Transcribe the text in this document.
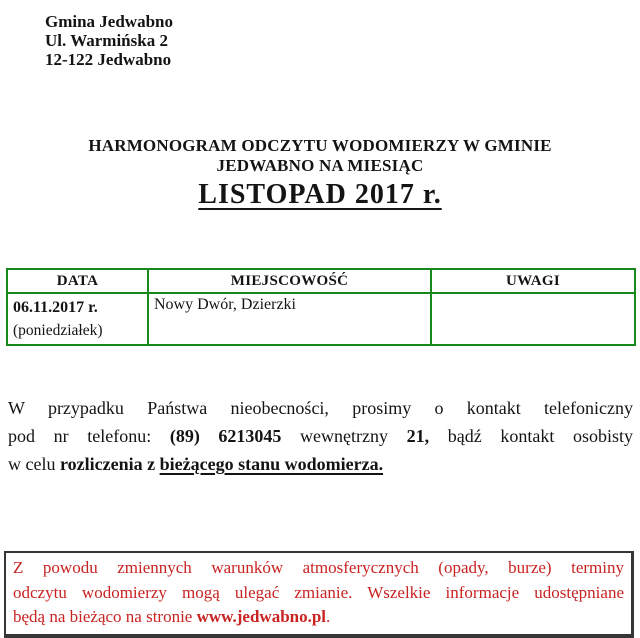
Gmina Jedwabno
Ul. Warmińska 2
12-122 Jedwabno
HARMONOGRAM ODCZYTU WODOMIERZY W GMINIE
JEDWABNO NA MIESIĄC
LISTOPAD 2017 r.
DATA	MIEJSCOWOŚĆ	UWAGI

06.11.2017 r.
(poniedziałek)	Nowy Dwór, Dzierzki	
W przypadku Państwa nieobecności, prosimy o kontakt telefoniczny
pod nr telefonu: (89) 6213045 wewnętrzny 21, bądź kontakt osobisty
w celu rozliczenia z bieżącego stanu wodomierza.
Z powodu zmiennych warunków atmosferycznych (opady, burze) terminy
odczytu wodomierzy mogą ulegać zmianie. Wszelkie informacje udostępniane
będą na bieżąco na stronie www.jedwabno.pl.
